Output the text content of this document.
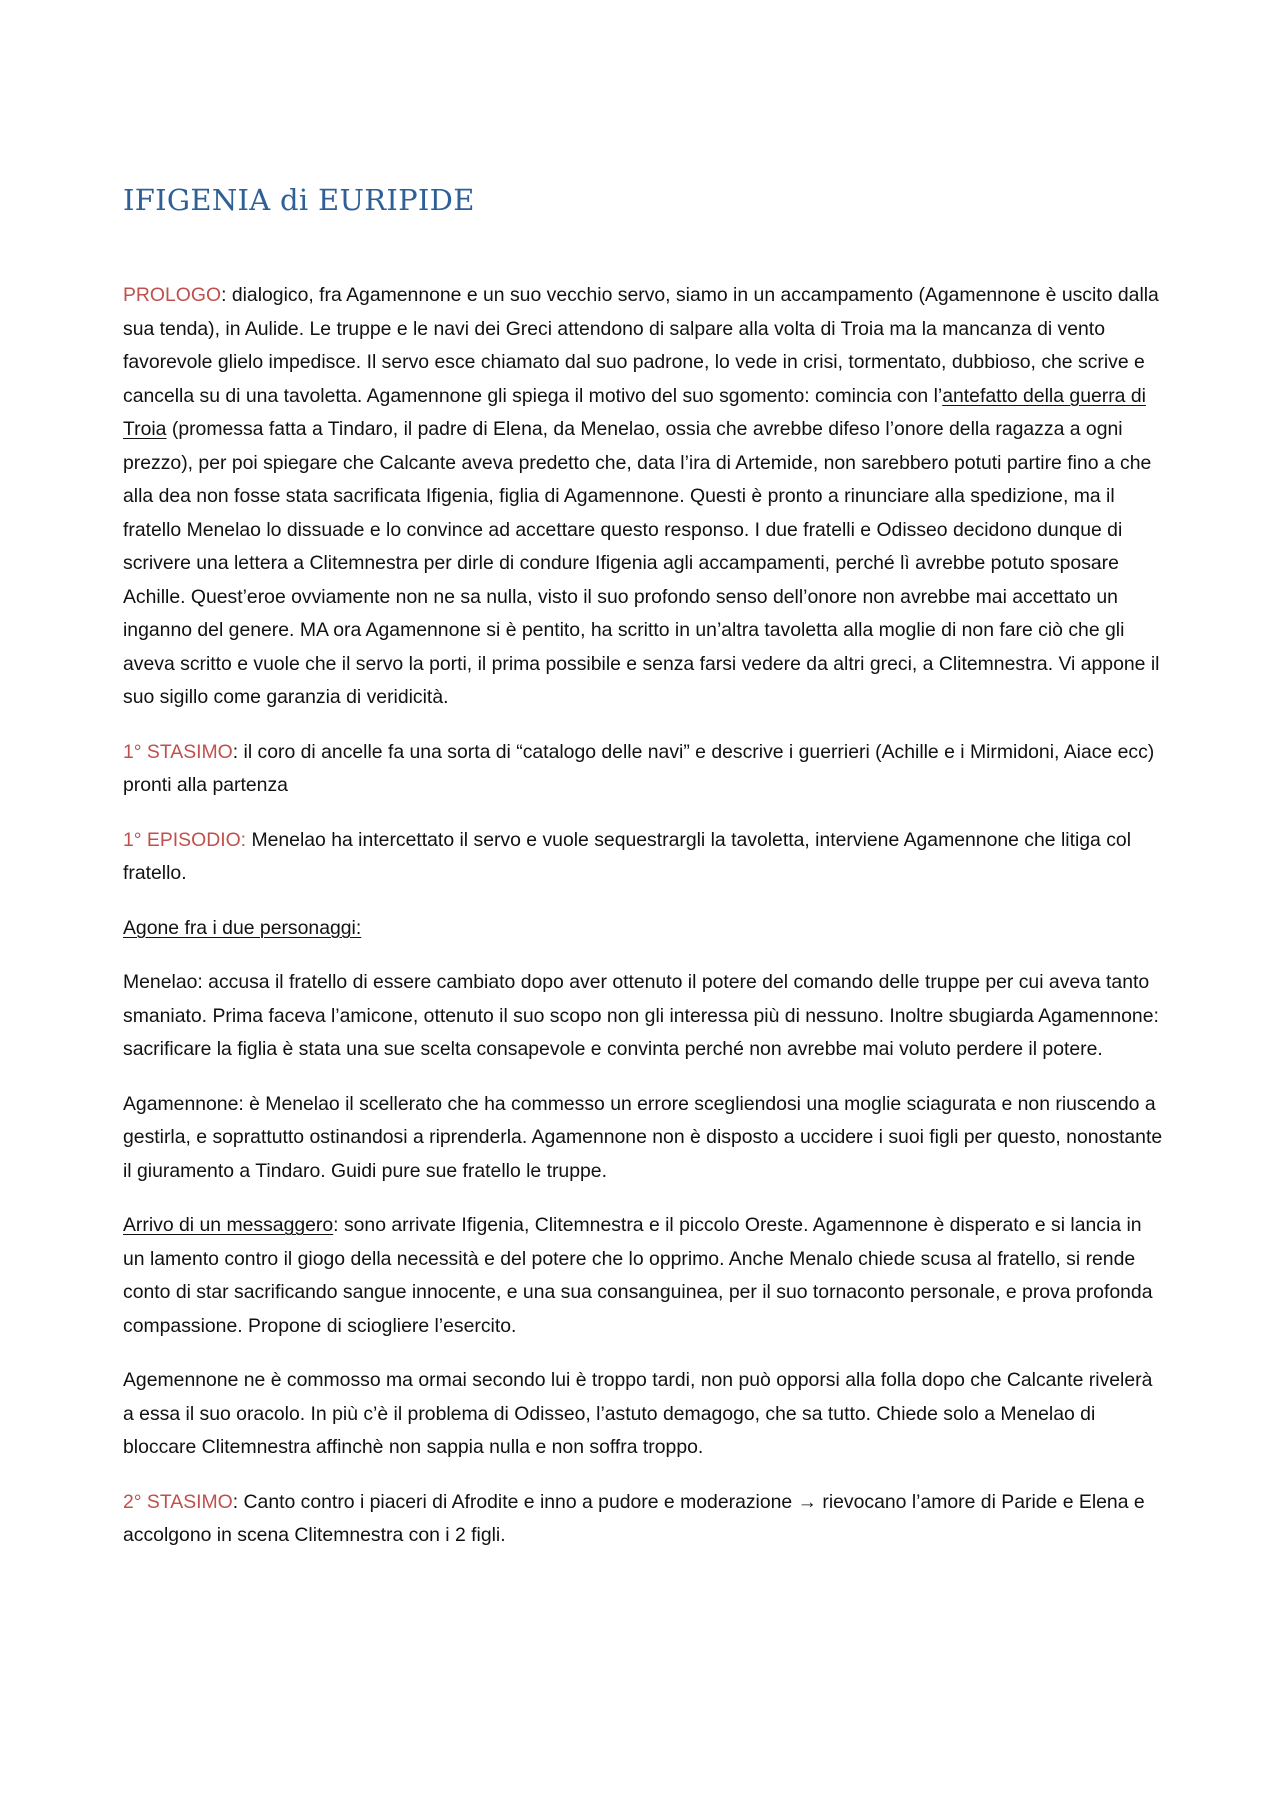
IFIGENIA di EURIPIDE

PROLOGO: dialogico, fra Agamennone e un suo vecchio servo, siamo in un accampamento (Agamennone è uscito dalla sua tenda), in Aulide. Le truppe e le navi dei Greci attendono di salpare alla volta di Troia ma la mancanza di vento favorevole glielo impedisce. Il servo esce chiamato dal suo padrone, lo vede in crisi, tormentato, dubbioso, che scrive e cancella su di una tavoletta. Agamennone gli spiega il motivo del suo sgomento: comincia con l’antefatto della guerra di Troia (promessa fatta a Tindaro, il padre di Elena, da Menelao, ossia che avrebbe difeso l’onore della ragazza a ogni prezzo), per poi spiegare che Calcante aveva predetto che, data l’ira di Artemide, non sarebbero potuti partire fino a che alla dea non fosse stata sacrificata Ifigenia, figlia di Agamennone. Questi è pronto a rinunciare alla spedizione, ma il fratello Menelao lo dissuade e lo convince ad accettare questo responso. I due fratelli e Odisseo decidono dunque di scrivere una lettera a Clitemnestra per dirle di condure Ifigenia agli accampamenti, perché lì avrebbe potuto sposare Achille. Quest’eroe ovviamente non ne sa nulla, visto il suo profondo senso dell’onore non avrebbe mai accettato un inganno del genere. MA ora Agamennone si è pentito, ha scritto in un’altra tavoletta alla moglie di non fare ciò che gli aveva scritto e vuole che il servo la porti, il prima possibile e senza farsi vedere da altri greci, a Clitemnestra. Vi appone il suo sigillo come garanzia di veridicità.

1° STASIMO: il coro di ancelle fa una sorta di “catalogo delle navi” e descrive i guerrieri (Achille e i Mirmidoni, Aiace ecc) pronti alla partenza

1° EPISODIO: Menelao ha intercettato il servo e vuole sequestrargli la tavoletta, interviene Agamennone che litiga col fratello.

Agone fra i due personaggi:

Menelao: accusa il fratello di essere cambiato dopo aver ottenuto il potere del comando delle truppe per cui aveva tanto smaniato. Prima faceva l’amicone, ottenuto il suo scopo non gli interessa più di nessuno. Inoltre sbugiarda Agamennone: sacrificare la figlia è stata una sue scelta consapevole e convinta perché non avrebbe mai voluto perdere il potere.

Agamennone: è Menelao il scellerato che ha commesso un errore scegliendosi una moglie sciagurata e non riuscendo a gestirla, e soprattutto ostinandosi a riprenderla. Agamennone non è disposto a uccidere i suoi figli per questo, nonostante il giuramento a Tindaro. Guidi pure sue fratello le truppe.

Arrivo di un messaggero: sono arrivate Ifigenia, Clitemnestra e il piccolo Oreste. Agamennone è disperato e si lancia in un lamento contro il giogo della necessità e del potere che lo opprimo. Anche Menalo chiede scusa al fratello, si rende conto di star sacrificando sangue innocente, e una sua consanguinea, per il suo tornaconto personale, e prova profonda compassione. Propone di sciogliere l’esercito.

Agemennone ne è commosso ma ormai secondo lui è troppo tardi, non può opporsi alla folla dopo che Calcante rivelerà a essa il suo oracolo. In più c’è il problema di Odisseo, l’astuto demagogo, che sa tutto. Chiede solo a Menelao di bloccare Clitemnestra affinchè non sappia nulla e non soffra troppo.

2° STASIMO: Canto contro i piaceri di Afrodite e inno a pudore e moderazione → rievocano l’amore di Paride e Elena e accolgono in scena Clitemnestra con i 2 figli.
